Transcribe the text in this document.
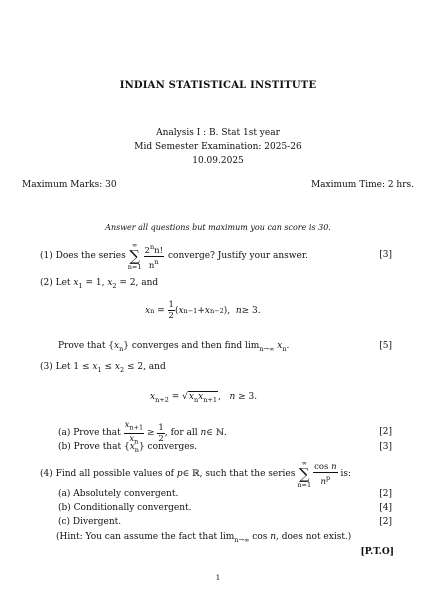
INDIAN STATISTICAL INSTITUTE
Analysis I : B. Stat 1st year
Mid Semester Examination: 2025-26
10.09.2025
Maximum Marks: 30	Maximum Time: 2 hrs.
Answer all questions but maximum you can score is 30.
(1) Does the series
∞
∑
$n=1 \frac{2^nn!}{n^n}$ converge? Justify your answer.	[3]
(2) Let $x_1 = 1$, $x_2 = 2$, and
x $n = \frac{1}{2}$ ( x n−1 + x n−2 ), n ≥ 3.
Prove that $\{x_n\}$ converges and then find $\lim_{n\to\infty} x_n$.	[5]
(3) Let $1 \le x_1 \le x_2 \le 2$, and
$x_{n+2} = √x_nx_{n+1}$,   n ≥ 3.
(a) Prove that
$\frac{x_{n+1}}{x_n} \ge \frac{1}{2}$ , for all
n ∈ ℕ.	[2]
(b) Prove that $\{x_n\}$ converges.	[3]
(4) Find all possible values of
p ∈ ℝ, such that the series
∞
∑
$n=1 \frac{\text{cos n}}{n^p}$
is:
(a) Absolutely convergent.	[2]
(b) Conditionally convergent.	[4]
(c) Divergent.	[2]
(Hint: You can assume the fact that $\lim_{n\to\infty} \cos n$, does not exist.)
[P.T.O]
1
